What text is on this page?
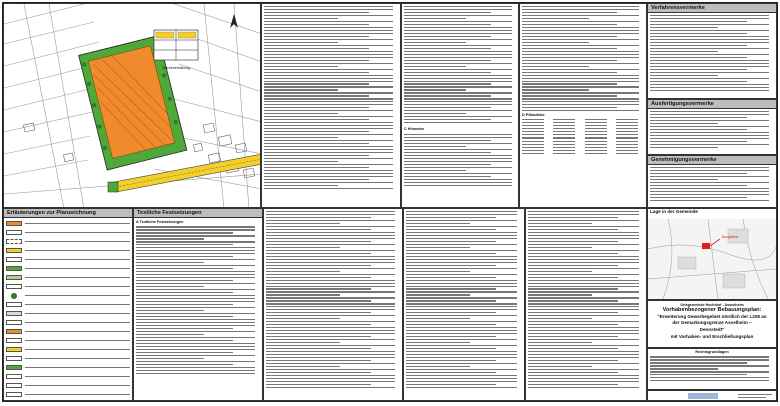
Zeichenerklärung
Erläuterungen zur Planzeichnung	Textliche Festsetzungen
A Textliche Festsetzungen
C Hinweise
D Pflanzliste
Verfahrensvermerke
Ausfertigungsvermerke
Genehmigungsvermerke
Lage in der Gemeinde
Baugebiet
Ortsgemeinde Hochdorf - Assenheim
Vorhabenbezogener Bebauungsplan:
"Erweiterung Gewerbegebiet nördlich der L208 an
der Gemarkungsgrenze Asselheim –
Dennstedt"
mit Vorhaben- und Erschließungsplan
Rechtsgrundlagen
